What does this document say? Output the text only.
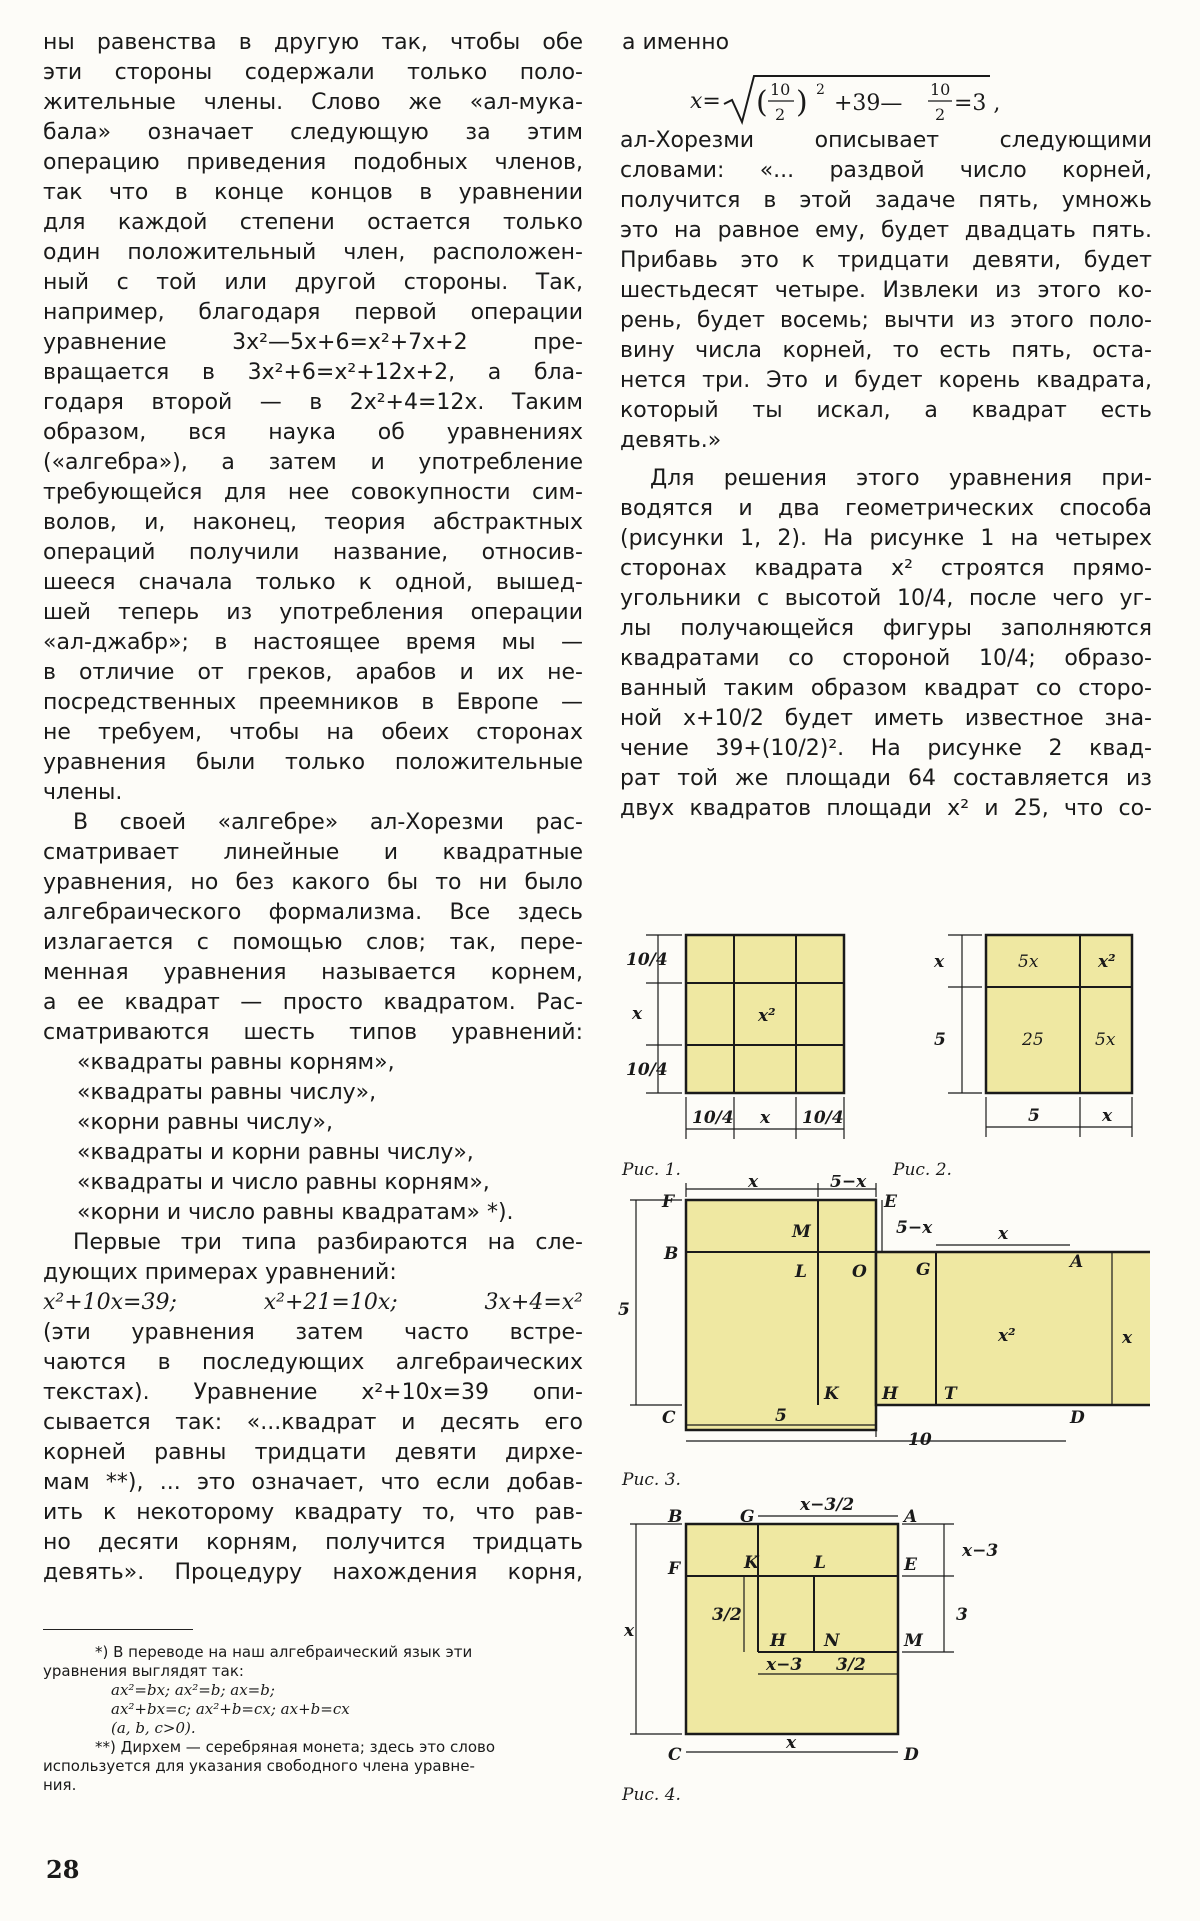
ны равенства в другую так, чтобы обе

эти стороны содержали только поло-

жительные члены. Слово же «ал-мука-

бала» означает следующую за этим

операцию приведения подобных членов,

так что в конце концов в уравнении

для каждой степени остается только

один положительный член, расположен-

ный с той или другой стороны. Так,

например, благодаря первой операции

уравнение 3x²—5x+6=x²+7x+2 пре-

вращается в 3x²+6=x²+12x+2, а бла-

годаря второй — в 2x²+4=12x. Таким

образом, вся наука об уравнениях

(«алгебра»), а затем и употребление

требующейся для нее совокупности сим-

волов, и, наконец, теория абстрактных

операций получили название, относив-

шееся сначала только к одной, вышед-

шей теперь из употребления операции

«ал-джабр»; в настоящее время мы —

в отличие от греков, арабов и их не-

посредственных преемников в Европе —

не требуем, чтобы на обеих сторонах

уравнения были только положительные

члены.

В своей «алгебре» ал-Хорезми рас-

сматривает линейные и квадратные

уравнения, но без какого бы то ни было

алгебраического формализма. Все здесь

излагается с помощью слов; так, пере-

менная уравнения называется корнем,

а ее квадрат — просто квадратом. Рас-

сматриваются шесть типов уравнений:

«квадраты равны корням»,

«квадраты равны числу»,

«корни равны числу»,

«квадраты и корни равны числу»,

«квадраты и число равны корням»,

«корни и число равны квадратам» *).

Первые три типа разбираются на сле-

дующих примерах уравнений:

x²+10x=39; x²+21=10x; 3x+4=x²

(эти уравнения затем часто встре-

чаются в последующих алгебраических

текстах). Уравнение x²+10x=39 опи-

сывается так: «...квадрат и десять его

корней равны тридцати девяти дирхе-

мам **), ... это означает, что если добав-

ить к некоторому квадрату то, что рав-

но десяти корням, получится тридцать

девять». Процедуру нахождения корня,

а именно

ал-Хорезми описывает следующими

словами: «... раздвой число корней,

получится в этой задаче пять, умножь

это на равное ему, будет двадцать пять.

Прибавь это к тридцати девяти, будет

шестьдесят четыре. Извлеки из этого ко-

рень, будет восемь; вычти из этого поло-

вину числа корней, то есть пять, оста-

нется три. Это и будет корень квадрата,

который ты искал, а квадрат есть

девять.»

Для решения этого уравнения при-

водятся и два геометрических способа

(рисунки 1, 2). На рисунке 1 на четырех

сторонах квадрата x² строятся прямо-

угольники с высотой 10/4, после чего уг-

лы получающейся фигуры заполняются

квадратами со стороной 10/4; образо-

ванный таким образом квадрат со сторо-

ной x+10/2 будет иметь известное зна-

чение 39+(10/2)². На рисунке 2 квад-

рат той же площади 64 составляется из

двух квадратов площади x² и 25, что со-

x= ( 10
2 ) 2
+39—
10
2 =3 ,

*) В переводе на наш алгебраический язык эти

уравнения выглядят так:

ax²=bx; ax²=b; ax=b;

ax²+bx=c; ax²+b=cx; ax+b=cx

(a, b, c>0).

**) Дирхем — серебряная монета; здесь это слово

используется для указания свободного члена уравне-

ния.

28
x²
10/4
x
10/4
10/4 x 10/4
Рис. 1.
5x	x²
25	5x
x
5
5	x
Рис. 2.
F	E
B
M
L	O	G	A
x²
K	H	T
C	D
x	5−x
5−x	x
5
x
5
10
Рис. 3.
B	G	A
F	K	L	E
H N	M
C	D
x−3/2
x−3
3
3/2
x−3 3/2
x
x
Рис. 4.
